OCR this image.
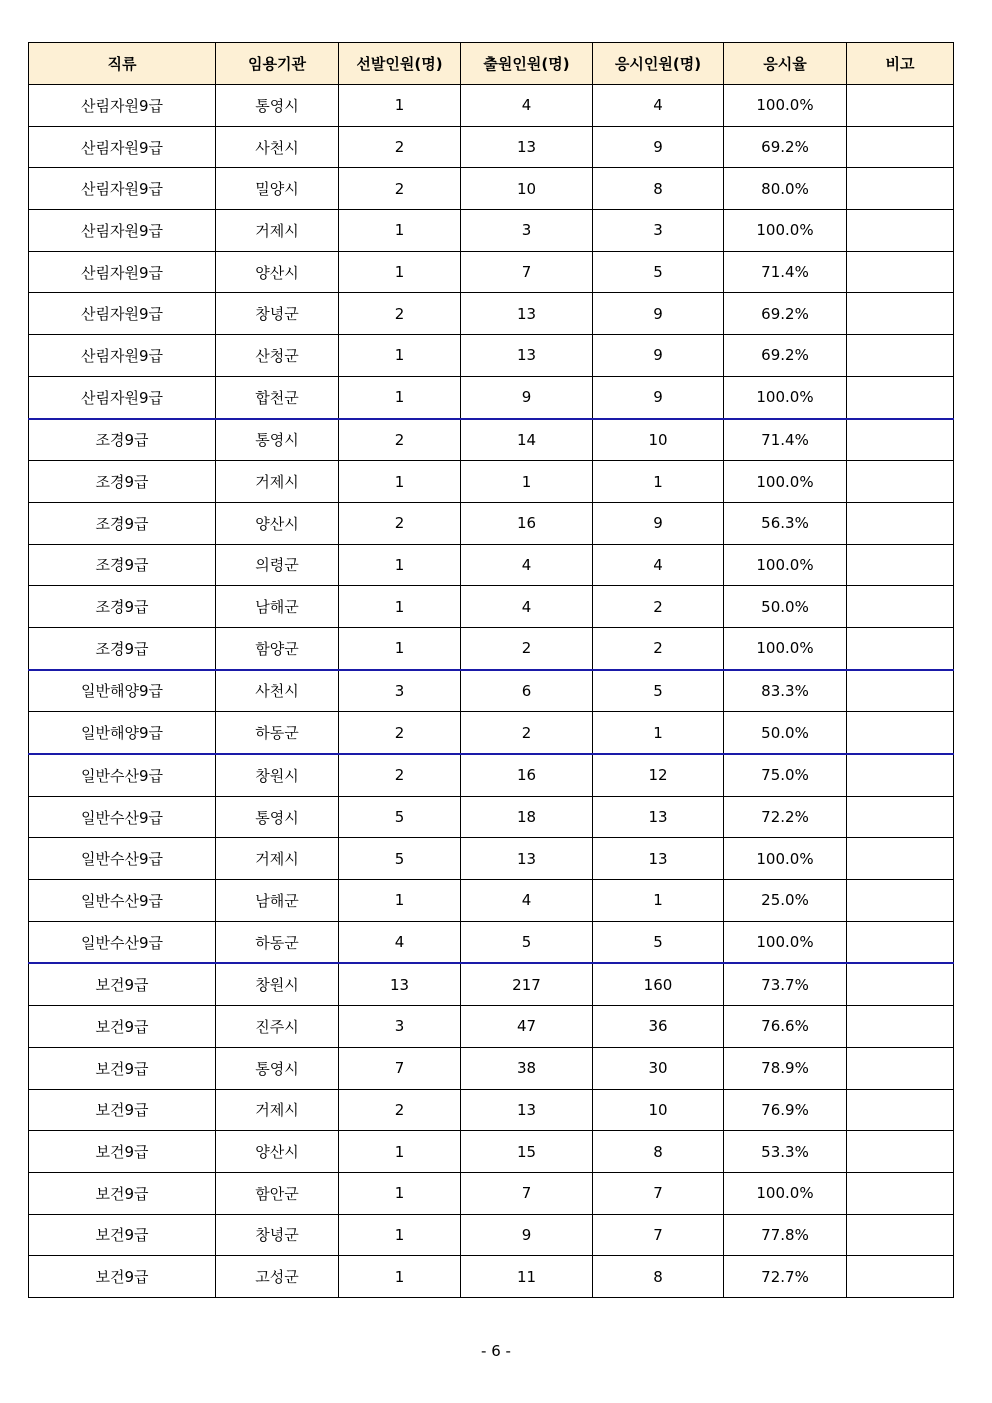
직류	임용기관	선발인원(명)	출원인원(명)	응시인원(명)	응시율	비고
산림자원9급	통영시	1	4	4	100.0%	
산림자원9급	사천시	2	13	9	69.2%	
산림자원9급	밀양시	2	10	8	80.0%	
산림자원9급	거제시	1	3	3	100.0%	
산림자원9급	양산시	1	7	5	71.4%	
산림자원9급	창녕군	2	13	9	69.2%	
산림자원9급	산청군	1	13	9	69.2%	
산림자원9급	합천군	1	9	9	100.0%	
조경9급	통영시	2	14	10	71.4%	
조경9급	거제시	1	1	1	100.0%	
조경9급	양산시	2	16	9	56.3%	
조경9급	의령군	1	4	4	100.0%	
조경9급	남해군	1	4	2	50.0%	
조경9급	함양군	1	2	2	100.0%	
일반해양9급	사천시	3	6	5	83.3%	
일반해양9급	하동군	2	2	1	50.0%	
일반수산9급	창원시	2	16	12	75.0%	
일반수산9급	통영시	5	18	13	72.2%	
일반수산9급	거제시	5	13	13	100.0%	
일반수산9급	남해군	1	4	1	25.0%	
일반수산9급	하동군	4	5	5	100.0%	
보건9급	창원시	13	217	160	73.7%	
보건9급	진주시	3	47	36	76.6%	
보건9급	통영시	7	38	30	78.9%	
보건9급	거제시	2	13	10	76.9%	
보건9급	양산시	1	15	8	53.3%	
보건9급	함안군	1	7	7	100.0%	
보건9급	창녕군	1	9	7	77.8%	
보건9급	고성군	1	11	8	72.7%	
- 6 -
